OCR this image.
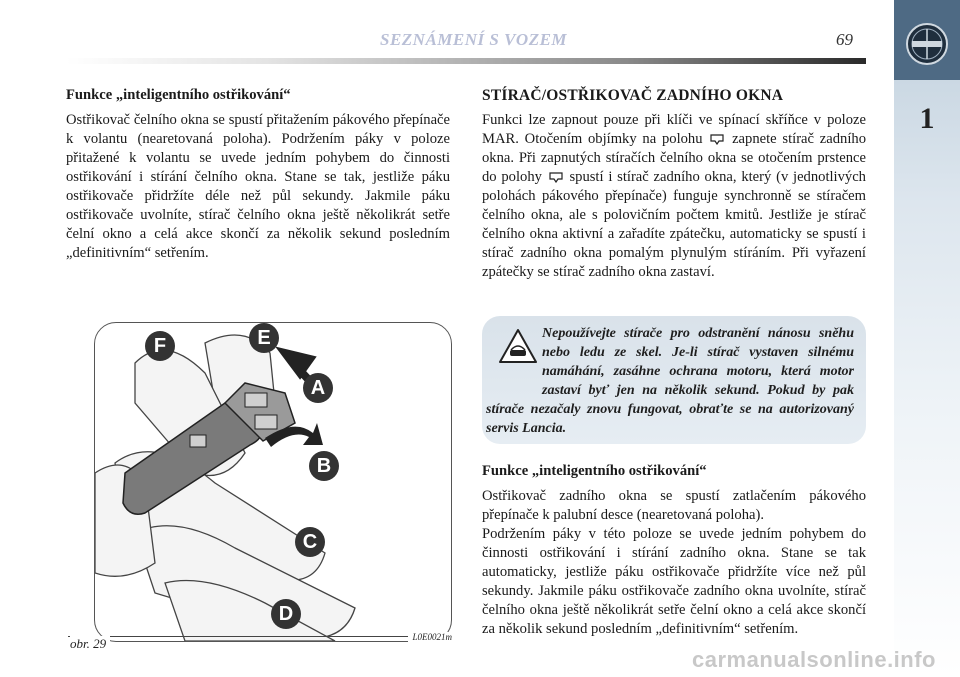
SEZNÁMENÍ S VOZEM	69
1
Funkce „inteligentního ostřikování“

Ostřikovač čelního okna se spustí přitažením pákového přepínače k volantu (nearetovaná poloha). Podržením páky v poloze přitažené k volantu se uvede jedním pohybem do činnosti ostřikování i stírání čelního okna. Stane se tak, jestliže páku ostřikovače přidržíte déle než půl sekundy. Jakmile páku ostřikovače uvolníte, stírač čelního okna ještě několikrát setře čelní okno a celá akce skončí za několik sekund posledním „definitivním“ setřením.

STÍRAČ/OSTŘIKOVAČ ZADNÍHO OKNA

Funkci lze zapnout pouze při klíči ve spínací skříňce v poloze MAR. Otočením objímky na polohu zapnete stírač zadního okna. Při zapnutých stíračích čelního okna se otočením prstence do polohy spustí i stírač zadního okna, který (v jednotlivých polohách pákového přepínače) funguje synchronně se stíračem čelního okna, ale s polovičním počtem kmitů. Jestliže je stírač čelního okna aktivní a zařadíte zpátečku, automaticky se spustí i stírač zadního okna pomalým plynulým stíráním. Při vyřazení zpátečky se stírač zadního okna zastaví.

Nepoužívejte stírače pro odstranění nánosu sněhu nebo ledu ze skel. Je-li stírač vystaven silnému namáhání, zasáhne ochrana motoru, která motor zastaví byť jen na několik sekund. Pokud by pak stírače nezačaly znovu fungovat, obraťte se na autorizovaný servis Lancia.
Funkce „inteligentního ostřikování“
Ostřikovač zadního okna se spustí zatlačením pákového přepínače k palubní desce (nearetovaná poloha).
Podržením páky v této poloze se uvede jedním pohybem do činnosti ostřikování i stírání zadního okna. Stane se tak automaticky, jestliže páku ostřikovače přidržíte více než půl sekundy. Jakmile páku ostřikovače zadního okna uvolníte, stírač čelního okna ještě několikrát setře čelní okno a celá akce skončí za několik sekund posledním „definitivním“ setřením.
A
B
C
D
E
F
obr. 29	L0E0021m
carmanualsonline.info
